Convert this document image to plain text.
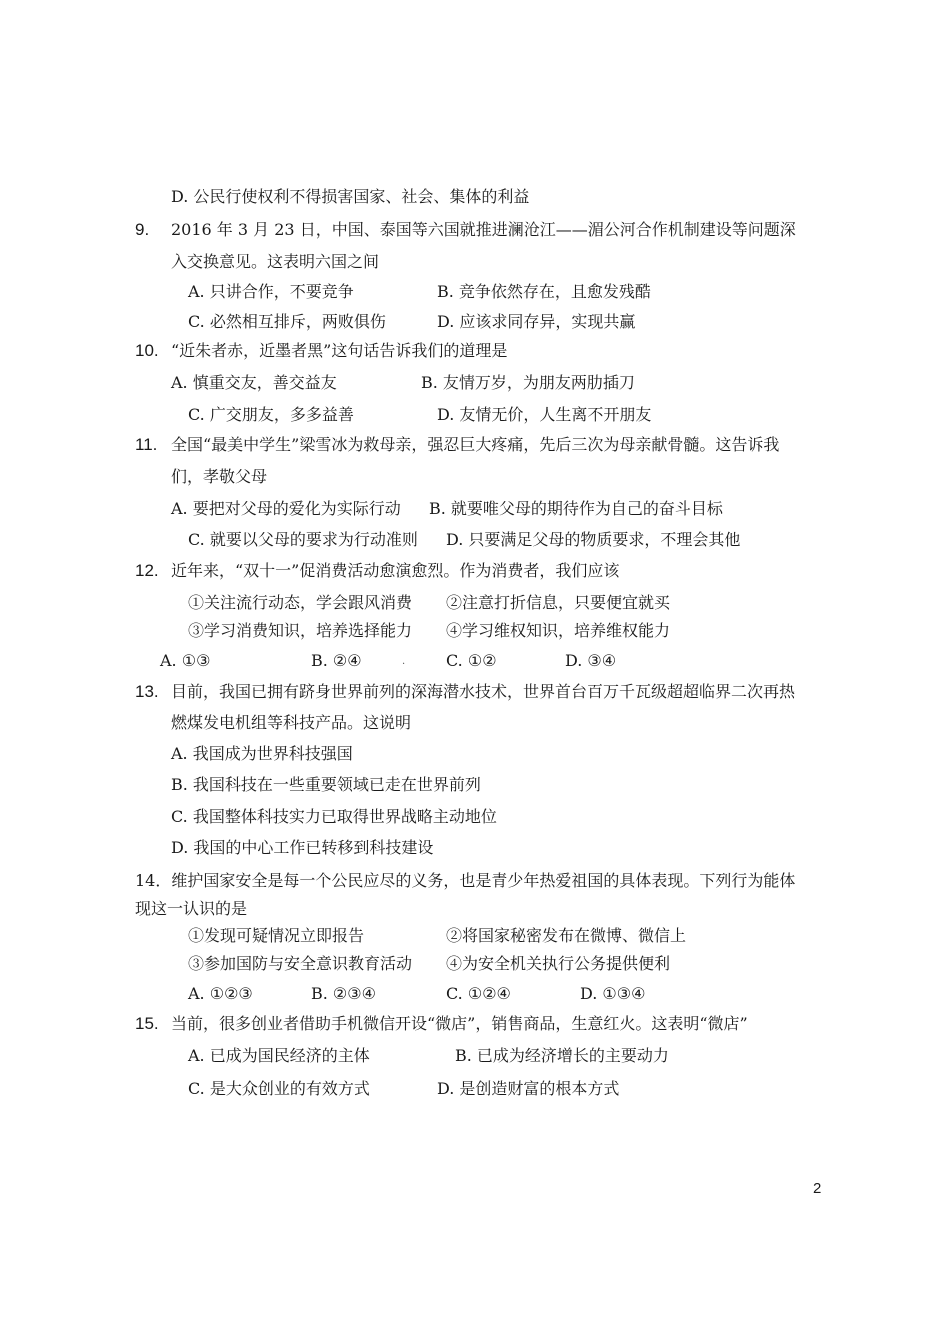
D. 公民行使权利不得损害国家、社会、集体的利益
9. 2016 年 3 月 23 日，中国、泰国等六国就推进澜沧江——湄公河合作机制建设等问题深
入交换意见。这表明六国之间
A. 只讲合作，不要竞争	B. 竞争依然存在，且愈发残酷
C. 必然相互排斥，两败俱伤	D. 应该求同存异，实现共赢
10. “近朱者赤，近墨者黑”这句话告诉我们的道理是
A. 慎重交友，善交益友	B. 友情万岁，为朋友两肋插刀
C. 广交朋友，多多益善	D. 友情无价，人生离不开朋友
11. 全国“最美中学生”梁雪冰为救母亲，强忍巨大疼痛，先后三次为母亲献骨髓。这告诉我
们，孝敬父母
A. 要把对父母的爱化为实际行动 B. 就要唯父母的期待作为自己的奋斗目标
C. 就要以父母的要求为行动准则 D. 只要满足父母的物质要求，不理会其他
12. 近年来，“双十一”促消费活动愈演愈烈。作为消费者，我们应该
①关注流行动态，学会跟风消费 ②注意打折信息，只要便宜就买
③学习消费知识，培养选择能力 ④学习维权知识，培养维权能力
A. ①③	B. ②④	.	C. ①②	D. ③④
13. 目前，我国已拥有跻身世界前列的深海潜水技术，世界首台百万千瓦级超超临界二次再热
燃煤发电机组等科技产品。这说明
A. 我国成为世界科技强国
B. 我国科技在一些重要领域已走在世界前列
C. 我国整体科技实力已取得世界战略主动地位
D. 我国的中心工作已转移到科技建设
14．维护国家安全是每一个公民应尽的义务，也是青少年热爱祖国的具体表现。下列行为能体
现这一认识的是
①发现可疑情况立即报告	②将国家秘密发布在微博、微信上
③参加国防与安全意识教育活动 ④为安全机关执行公务提供便利
A. ①②③	B. ②③④	C. ①②④	D. ①③④
15. 当前，很多创业者借助手机微信开设“微店”，销售商品，生意红火。这表明“微店”
A. 已成为国民经济的主体	B. 已成为经济增长的主要动力
C. 是大众创业的有效方式	D. 是创造财富的根本方式
2
